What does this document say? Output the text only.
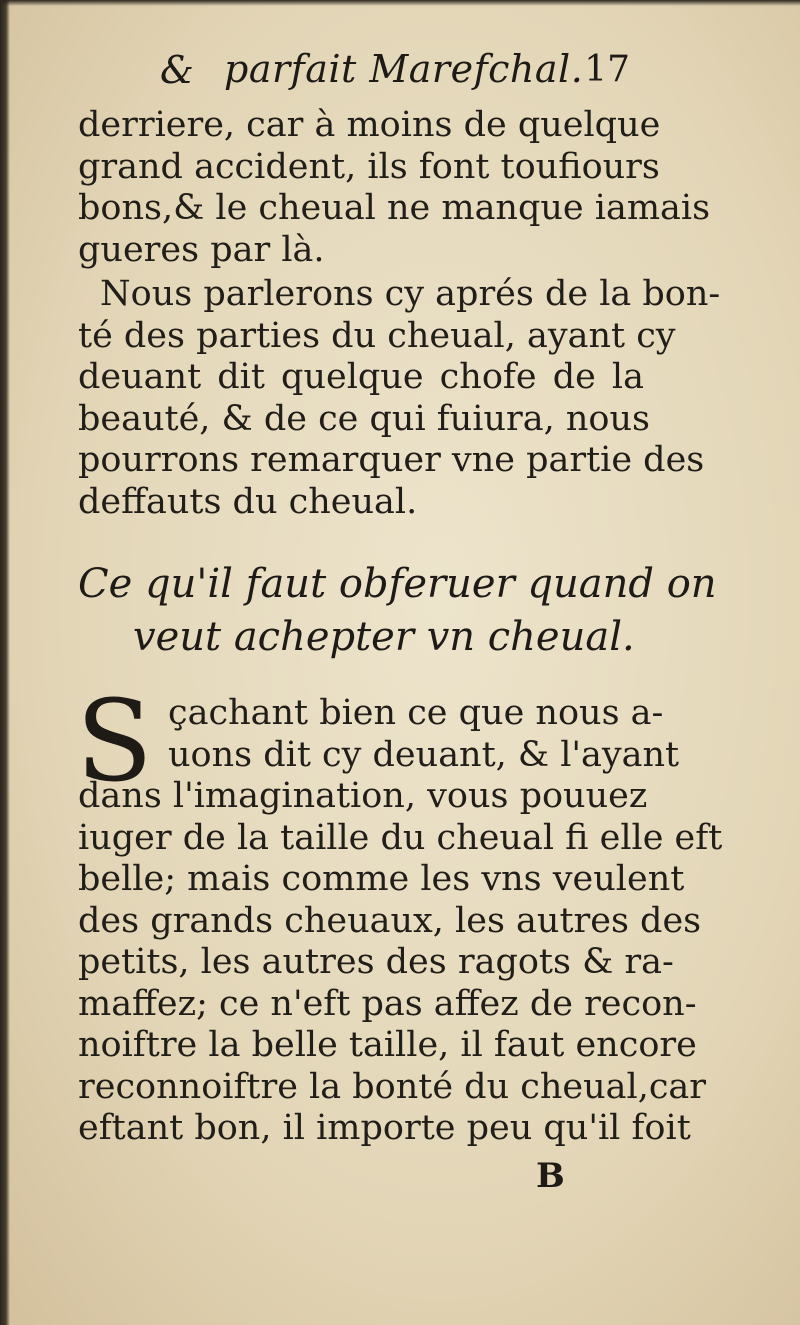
& parfait Marefchal. 17
derriere, car à moins de quelque
grand accident, ils font toufiours
bons,& le cheual ne manque iamais
gueres par là.
Nous parlerons cy aprés de la bon-
té des parties du cheual, ayant cy
deuant dit quelque chofe de la
beauté, & de ce qui fuiura, nous
pourrons remarquer vne partie des
deffauts du cheual.
Ce qu'il faut obferuer quand on
veut achepter vn cheual.
S çachant bien ce que nous a-
uons dit cy deuant, & l'ayant
dans l'imagination, vous pouuez
iuger de la taille du cheual fi elle eft
belle; mais comme les vns veulent
des grands cheuaux, les autres des
petits, les autres des ragots & ra-
maffez; ce n'eft pas affez de recon-
noiftre la belle taille, il faut encore
reconnoiftre la bonté du cheual,car
eftant bon, il importe peu qu'il foit
B
